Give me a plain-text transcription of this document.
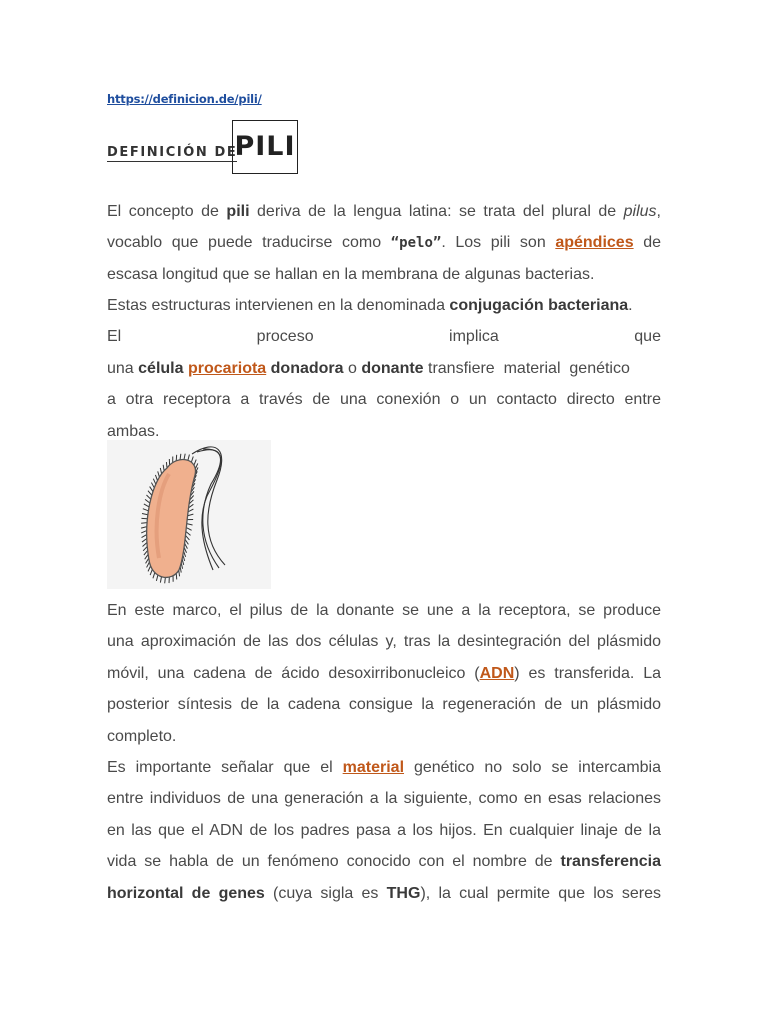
https://definicion.de/pili/
DEFINICIÓN DE
PILI
El concepto de pili deriva de la lengua latina: se trata del plural de pilus,
vocablo que puede traducirse como “pelo”. Los pili son apéndices de
escasa longitud que se hallan en la membrana de algunas bacterias.
Estas estructuras intervienen en la denominada conjugación bacteriana.
El	proceso	implica	que
una célula procariota donadora o donante transfiere  material  genético
a otra receptora a través de una conexión o un contacto directo entre
ambas.
En este marco, el pilus de la donante se une a la receptora, se produce
una aproximación de las dos células y, tras la desintegración del plásmido
móvil, una cadena de ácido desoxirribonucleico (ADN) es transferida. La
posterior síntesis de la cadena consigue la regeneración de un plásmido
completo.
Es importante señalar que el material genético no solo se intercambia
entre individuos de una generación a la siguiente, como en esas relaciones
en las que el ADN de los padres pasa a los hijos. En cualquier linaje de la
vida se habla de un fenómeno conocido con el nombre de transferencia
horizontal de genes (cuya sigla es THG), la cual permite que los seres
